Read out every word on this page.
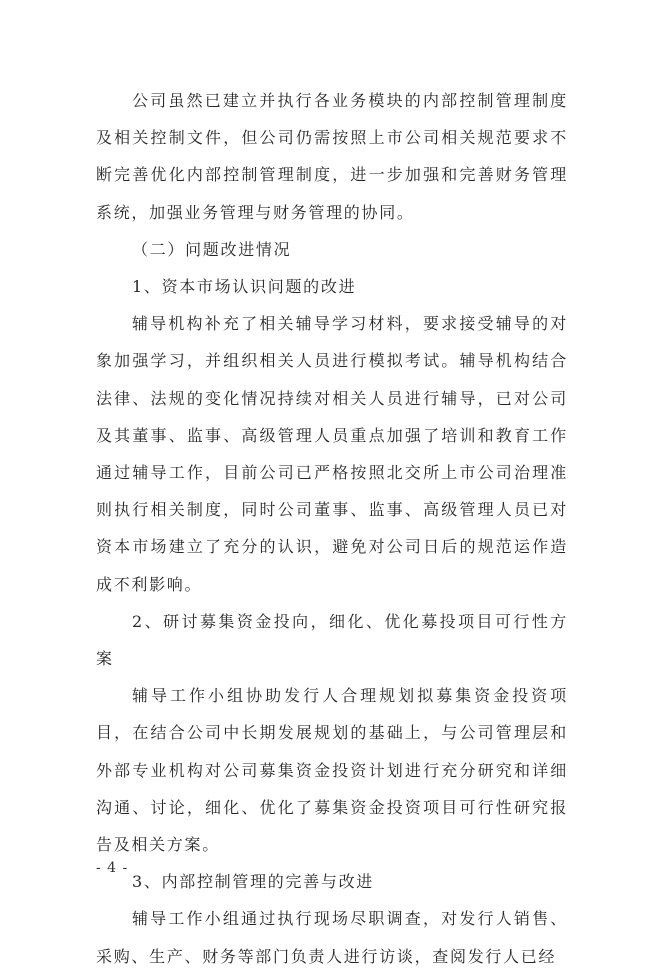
公司虽然已建立并执行各业务模块的内部控制管理制度及相关控制文件，但公司仍需按照上市公司相关规范要求不断完善优化内部控制管理制度，进一步加强和完善财务管理系统，加强业务管理与财务管理的协同。

（二）问题改进情况

1、资本市场认识问题的改进

辅导机构补充了相关辅导学习材料，要求接受辅导的对象加强学习，并组织相关人员进行模拟考试。辅导机构结合法律、法规的变化情况持续对相关人员进行辅导，已对公司及其董事、监事、高级管理人员重点加强了培训和教育工作通过辅导工作，目前公司已严格按照北交所上市公司治理准则执行相关制度，同时公司董事、监事、高级管理人员已对资本市场建立了充分的认识，避免对公司日后的规范运作造成不利影响。

2、研讨募集资金投向，细化、优化募投项目可行性方案

辅导工作小组协助发行人合理规划拟募集资金投资项目，在结合公司中长期发展规划的基础上，与公司管理层和外部专业机构对公司募集资金投资计划进行充分研究和详细沟通、讨论，细化、优化了募集资金投资项目可行性研究报告及相关方案。

3、内部控制管理的完善与改进

辅导工作小组通过执行现场尽职调查，对发行人销售、采购、生产、财务等部门负责人进行访谈，查阅发行人已经

- 4 -
